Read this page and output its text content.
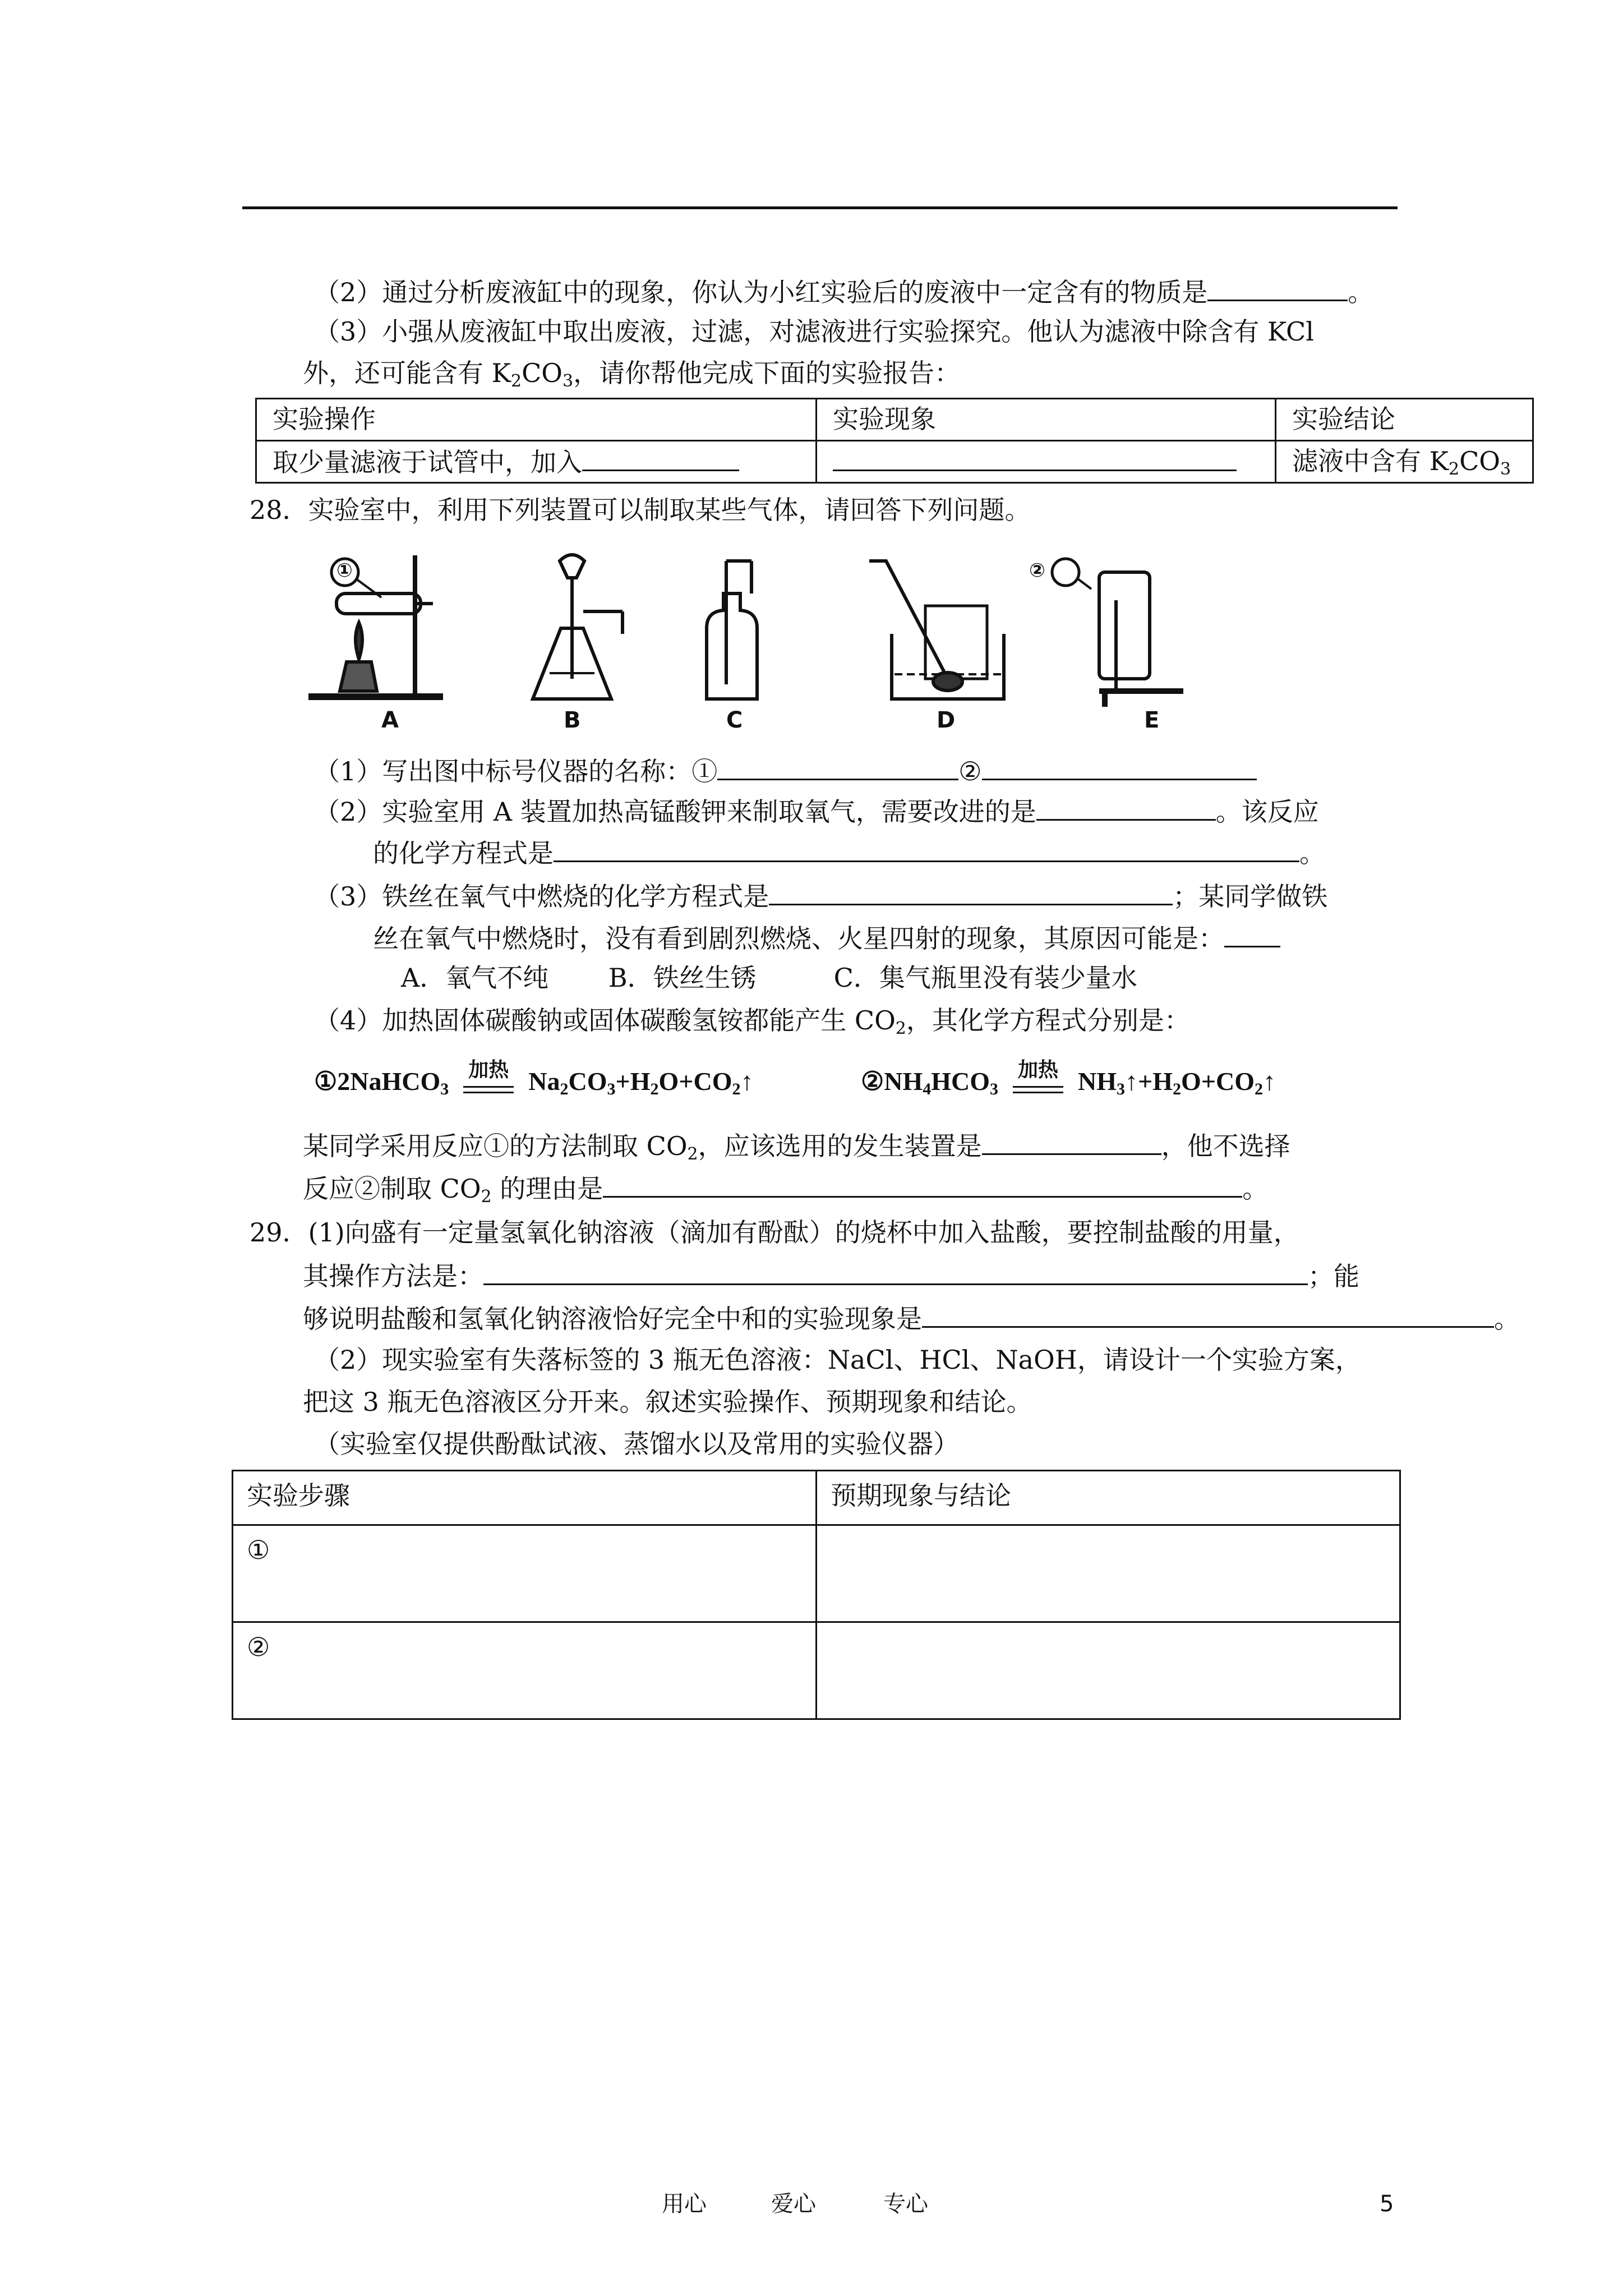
（2）通过分析废液缸中的现象，你认为小红实验后的废液中一定含有的物质是	。
（3）小强从废液缸中取出废液，过滤，对滤液进行实验探究。他认为滤液中除含有 KCl
外，还可能含有 $K_2CO_3$，请你帮他完成下面的实验报告：
实验操作	实验现象	实验结论
取少量滤液于试管中，加入		滤液中含有 $K_2CO_3$
28．实验室中，利用下列装置可以制取某些气体，请回答下列问题。
A	B	C	D	E
①	②
（1）写出图中标号仪器的名称：①	②
（2）实验室用 A 装置加热高锰酸钾来制取氧气，需要改进的是	。该反应
的化学方程式是	。
（3）铁丝在氧气中燃烧的化学方程式是	；某同学做铁
丝在氧气中燃烧时，没有看到剧烈燃烧、火星四射的现象，其原因可能是：
A．氧气不纯　　 B．铁丝生锈　　　C．集气瓶里没有装少量水
（4）加热固体碳酸钠或固体碳酸氢铵都能产生 $CO_2$，其化学方程式分别是：
①2NaHCO$_3$
加热 $Na_2CO_3+H_2O+CO_2↑$	$②NH_4HCO_3$
加热 $NH_3↑+H_2O+CO_2↑$
某同学采用反应①的方法制取 $CO_2$，应该选用的发生装置是	，他不选择
反应②制取 $CO_2$ 的理由是	。
29．(1)向盛有一定量氢氧化钠溶液（滴加有酚酞）的烧杯中加入盐酸，要控制盐酸的用量，
其操作方法是：	；能
够说明盐酸和氢氧化钠溶液恰好完全中和的实验现象是	。
（2）现实验室有失落标签的 3 瓶无色溶液：NaCl、HCl、NaOH，请设计一个实验方案，
把这 3 瓶无色溶液区分开来。叙述实验操作、预期现象和结论。
（实验室仅提供酚酞试液、蒸馏水以及常用的实验仪器）
实验步骤	预期现象与结论
①	
②	
用心	爱心	专心	5
